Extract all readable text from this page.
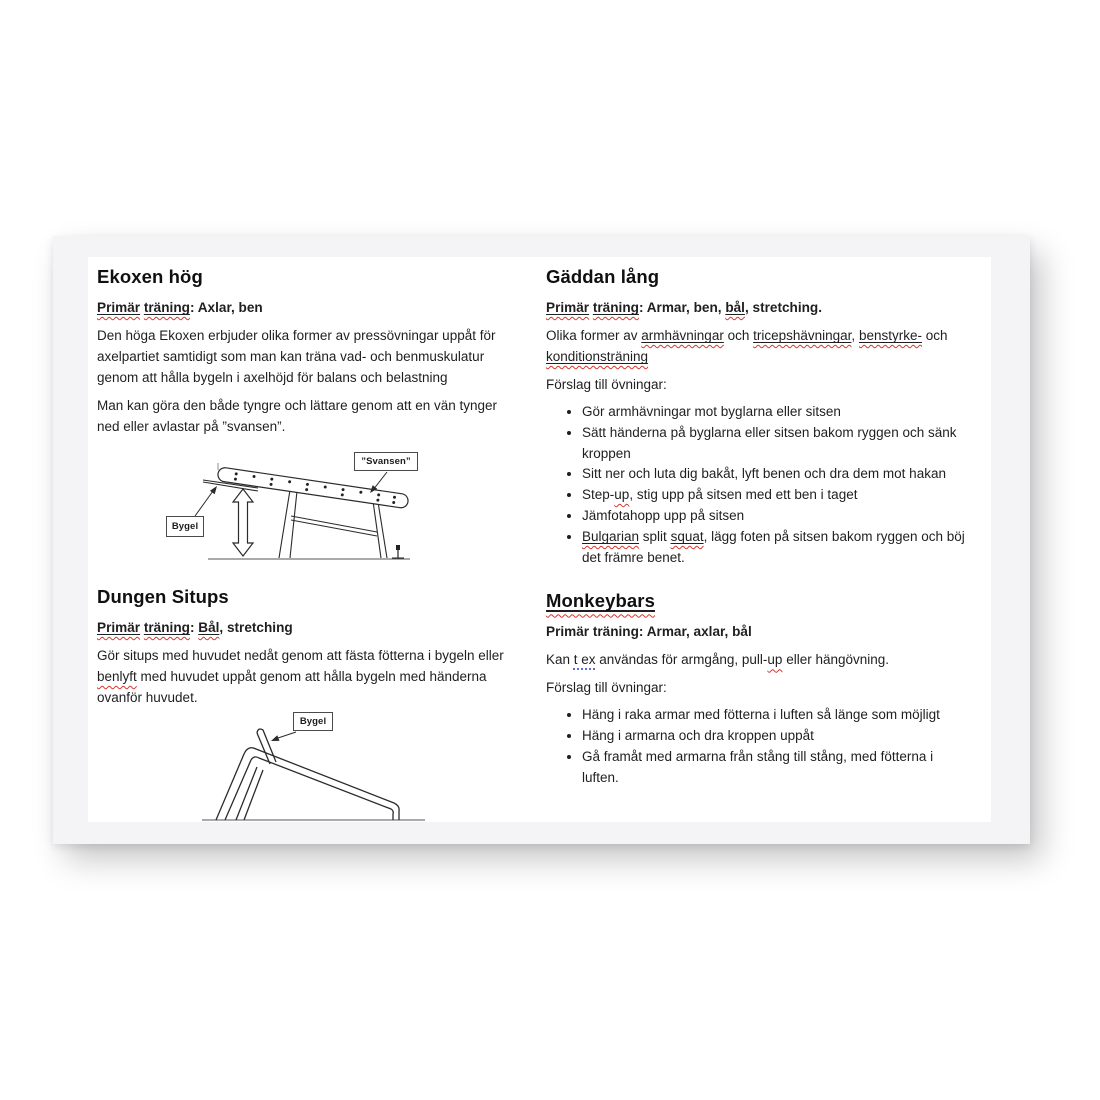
Ekoxen hög

Primär träning: Axlar, ben

Den höga Ekoxen erbjuder olika former av pressövningar uppåt för axelpartiet samtidigt som man kan träna vad- och benmuskulatur genom att hålla bygeln i axelhöjd för balans och belastning

Man kan göra den både tyngre och lättare genom att en vän tynger ned eller avlastar på ”svansen”.

”Svansen”
Bygel
Dungen Situps

Primär träning: Bål, stretching

Gör situps med huvudet nedåt genom att fästa fötterna i bygeln eller benlyft med huvudet uppåt genom att hålla bygeln med händerna ovanför huvudet.

Bygel
Gäddan lång

Primär träning: Armar, ben, bål, stretching.

Olika former av armhävningar och tricepshävningar, benstyrke- och konditionsträning

Förslag till övningar:

• Gör armhävningar mot byglarna eller sitsen
• Sätt händerna på byglarna eller sitsen bakom ryggen och sänk kroppen
• Sitt ner och luta dig bakåt, lyft benen och dra dem mot hakan
• Step-up, stig upp på sitsen med ett ben i taget
• Jämfotahopp upp på sitsen
• Bulgarian split squat, lägg foten på sitsen bakom ryggen och böj det främre benet.
Monkeybars

Primär träning: Armar, axlar, bål

Kan t ex användas för armgång, pull-up eller hängövning.

Förslag till övningar:

• Häng i raka armar med fötterna i luften så länge som möjligt
• Häng i armarna och dra kroppen uppåt
• Gå framåt med armarna från stång till stång, med fötterna i luften.
